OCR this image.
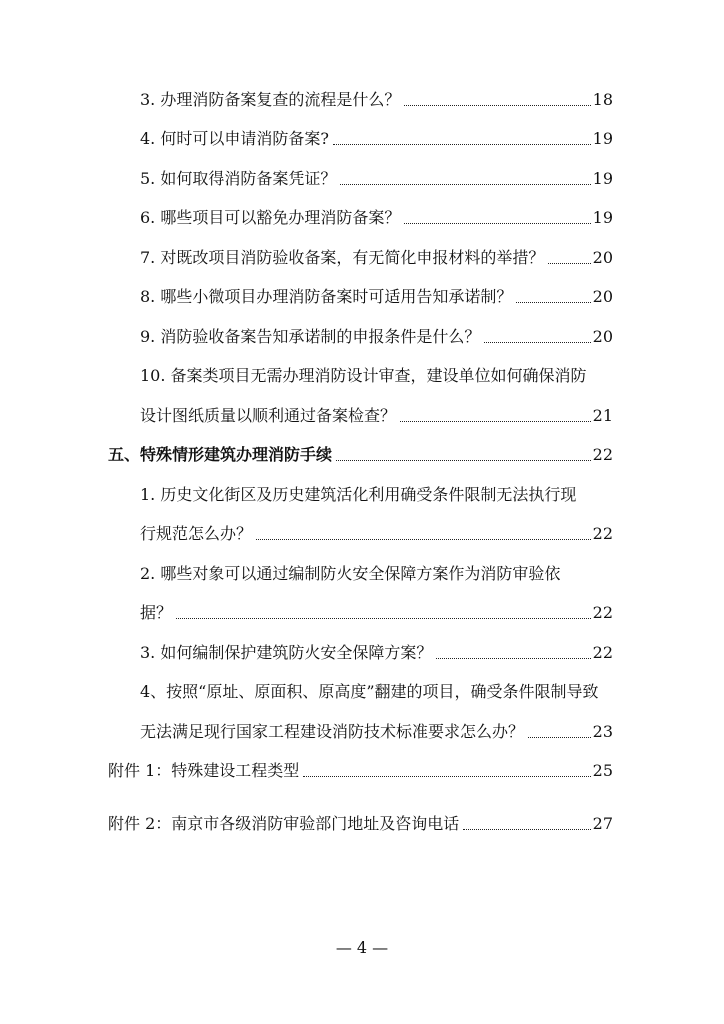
3. 办理消防备案复查的流程是什么？	18
4. 何时可以申请消防备案?	19
5. 如何取得消防备案凭证？	19
6. 哪些项目可以豁免办理消防备案？	19
7. 对既改项目消防验收备案，有无简化申报材料的举措？	20
8. 哪些小微项目办理消防备案时可适用告知承诺制？	20
9. 消防验收备案告知承诺制的申报条件是什么？	20
10. 备案类项目无需办理消防设计审查，建设单位如何确保消防
设计图纸质量以顺利通过备案检查？	21
五、特殊情形建筑办理消防手续	22
1. 历史文化街区及历史建筑活化利用确受条件限制无法执行现
行规范怎么办？	22
2. 哪些对象可以通过编制防火安全保障方案作为消防审验依
据？	22
3. 如何编制保护建筑防火安全保障方案？	22
4、按照“原址、原面积、原高度”翻建的项目，确受条件限制导致
无法满足现行国家工程建设消防技术标准要求怎么办？	23
附件 1：特殊建设工程类型	25
附件 2：南京市各级消防审验部门地址及咨询电话	27
— 4 —
